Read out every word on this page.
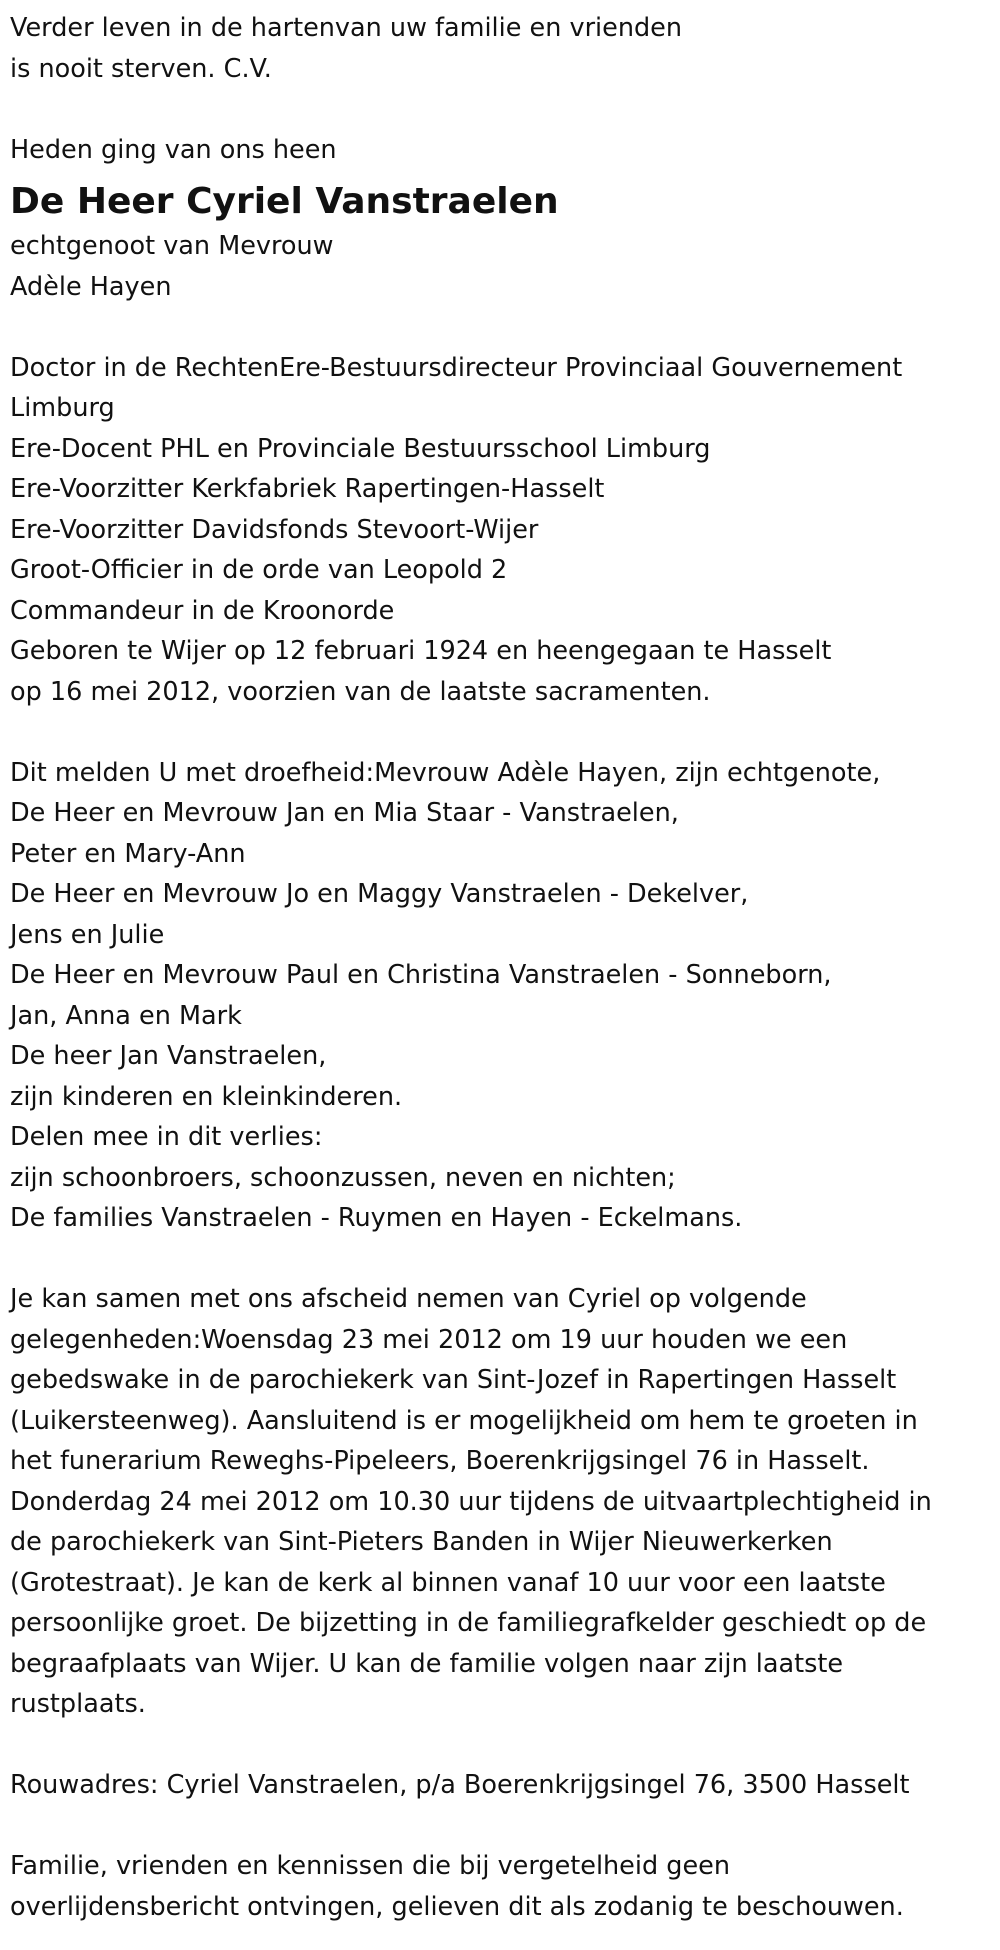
Verder leven in de hartenvan uw familie en vrienden
is nooit sterven. C.V.
Heden ging van ons heen
De Heer Cyriel Vanstraelen
echtgenoot van Mevrouw
Adèle Hayen
Doctor in de RechtenEre-Bestuursdirecteur Provinciaal Gouvernement
Limburg
Ere-Docent PHL en Provinciale Bestuursschool Limburg
Ere-Voorzitter Kerkfabriek Rapertingen-Hasselt
Ere-Voorzitter Davidsfonds Stevoort-Wijer
Groot-Officier in de orde van Leopold 2
Commandeur in de Kroonorde
Geboren te Wijer op 12 februari 1924 en heengegaan te Hasselt
op 16 mei 2012, voorzien van de laatste sacramenten.
Dit melden U met droefheid:Mevrouw Adèle Hayen, zijn echtgenote,
De Heer en Mevrouw Jan en Mia Staar - Vanstraelen,
Peter en Mary-Ann
De Heer en Mevrouw Jo en Maggy Vanstraelen - Dekelver,
Jens en Julie
De Heer en Mevrouw Paul en Christina Vanstraelen - Sonneborn,
Jan, Anna en Mark
De heer Jan Vanstraelen,
zijn kinderen en kleinkinderen.
Delen mee in dit verlies:
zijn schoonbroers, schoonzussen, neven en nichten;
De families Vanstraelen - Ruymen en Hayen - Eckelmans.
Je kan samen met ons afscheid nemen van Cyriel op volgende
gelegenheden:Woensdag 23 mei 2012 om 19 uur houden we een
gebedswake in de parochiekerk van Sint-Jozef in Rapertingen Hasselt
(Luikersteenweg). Aansluitend is er mogelijkheid om hem te groeten in
het funerarium Reweghs-Pipeleers, Boerenkrijgsingel 76 in Hasselt.
Donderdag 24 mei 2012 om 10.30 uur tijdens de uitvaartplechtigheid in
de parochiekerk van Sint-Pieters Banden in Wijer Nieuwerkerken
(Grotestraat). Je kan de kerk al binnen vanaf 10 uur voor een laatste
persoonlijke groet. De bijzetting in de familiegrafkelder geschiedt op de
begraafplaats van Wijer. U kan de familie volgen naar zijn laatste
rustplaats.
Rouwadres: Cyriel Vanstraelen, p/a Boerenkrijgsingel 76, 3500 Hasselt
Familie, vrienden en kennissen die bij vergetelheid geen
overlijdensbericht ontvingen, gelieven dit als zodanig te beschouwen.
